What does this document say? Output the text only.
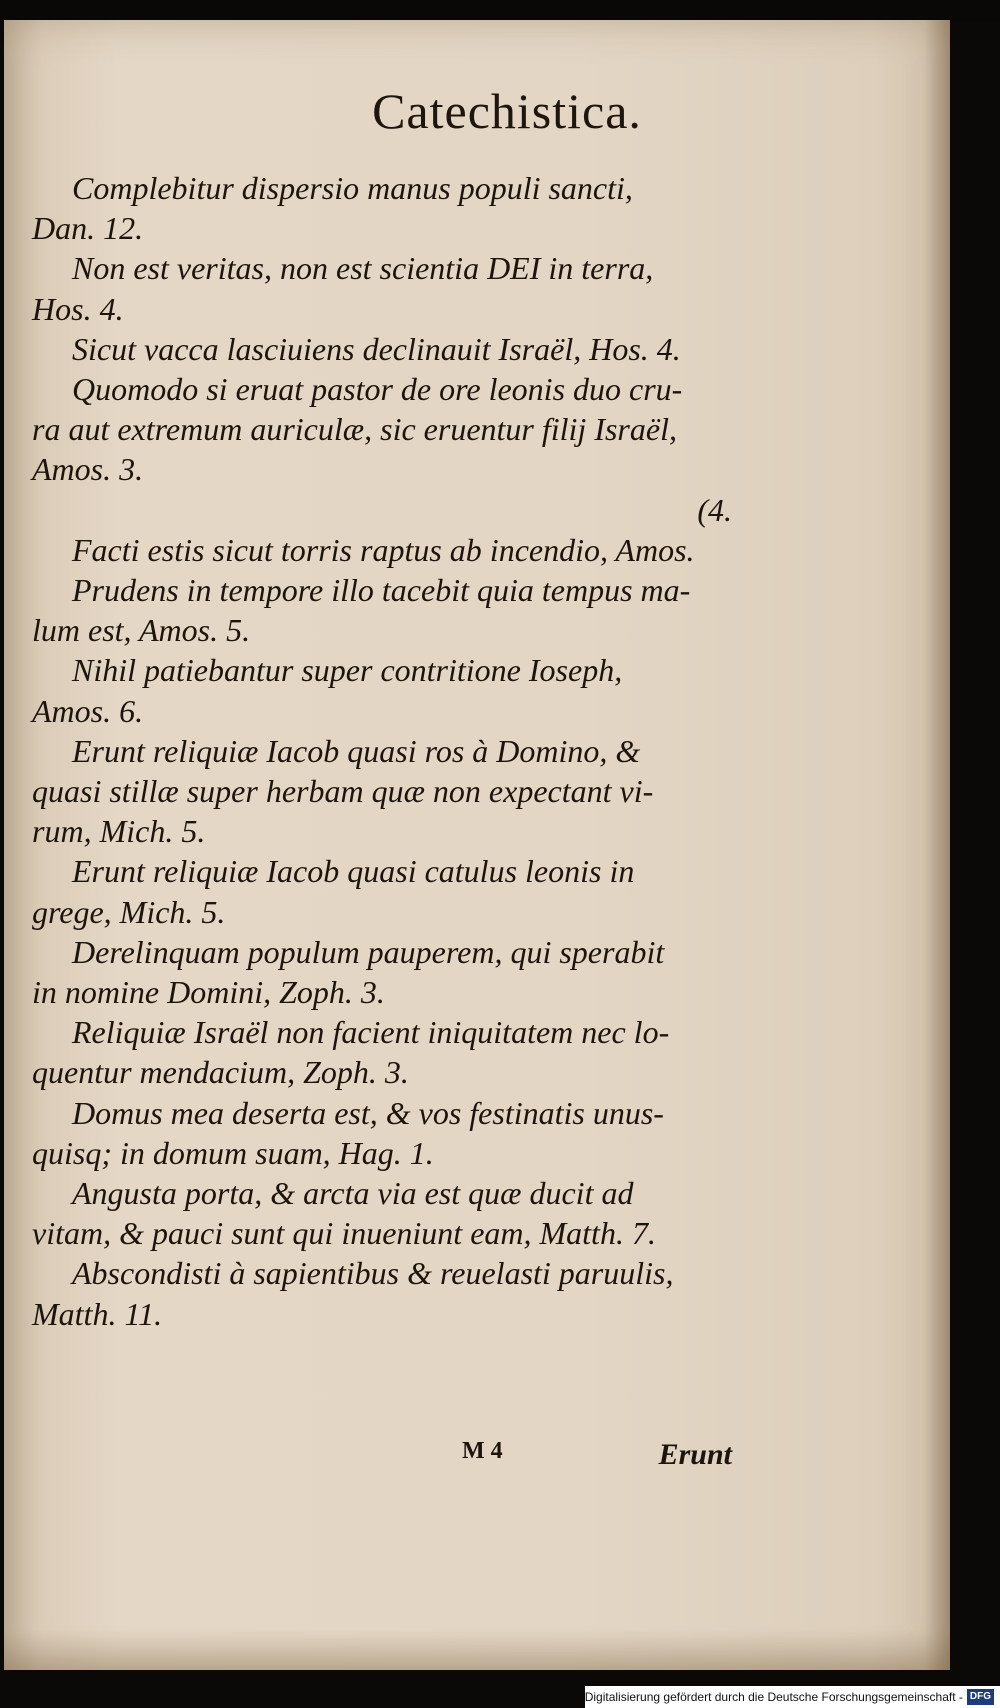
Catechistica.
Complebitur dispersio manus populi sancti,
Dan. 12.
Non est veritas, non est scientia DEI in terra,
Hos. 4.
Sicut vacca lasciuiens declinauit Israël, Hos. 4.
Quomodo si eruat pastor de ore leonis duo cru-
ra aut extremum auriculæ, sic eruentur filij Israël,
Amos. 3.
(4.
Facti estis sicut torris raptus ab incendio, Amos.
Prudens in tempore illo tacebit quia tempus ma-
lum est, Amos. 5.
Nihil patiebantur super contritione Ioseph,
Amos. 6.
Erunt reliquiæ Iacob quasi ros à Domino, &
quasi stillæ super herbam quæ non expectant vi-
rum, Mich. 5.
Erunt reliquiæ Iacob quasi catulus leonis in
grege, Mich. 5.
Derelinquam populum pauperem, qui sperabit
in nomine Domini, Zoph. 3.
Reliquiæ Israël non facient iniquitatem nec lo-
quentur mendacium, Zoph. 3.
Domus mea deserta est, & vos festinatis unus-
quisq; in domum suam, Hag. 1.
Angusta porta, & arcta via est quæ ducit ad
vitam, & pauci sunt qui inueniunt eam, Matth. 7.
Abscondisti à sapientibus & reuelasti paruulis,
Matth. 11.
M 4	Erunt
Digitalisierung gefördert durch die Deutsche Forschungsgemeinschaft - DFG
